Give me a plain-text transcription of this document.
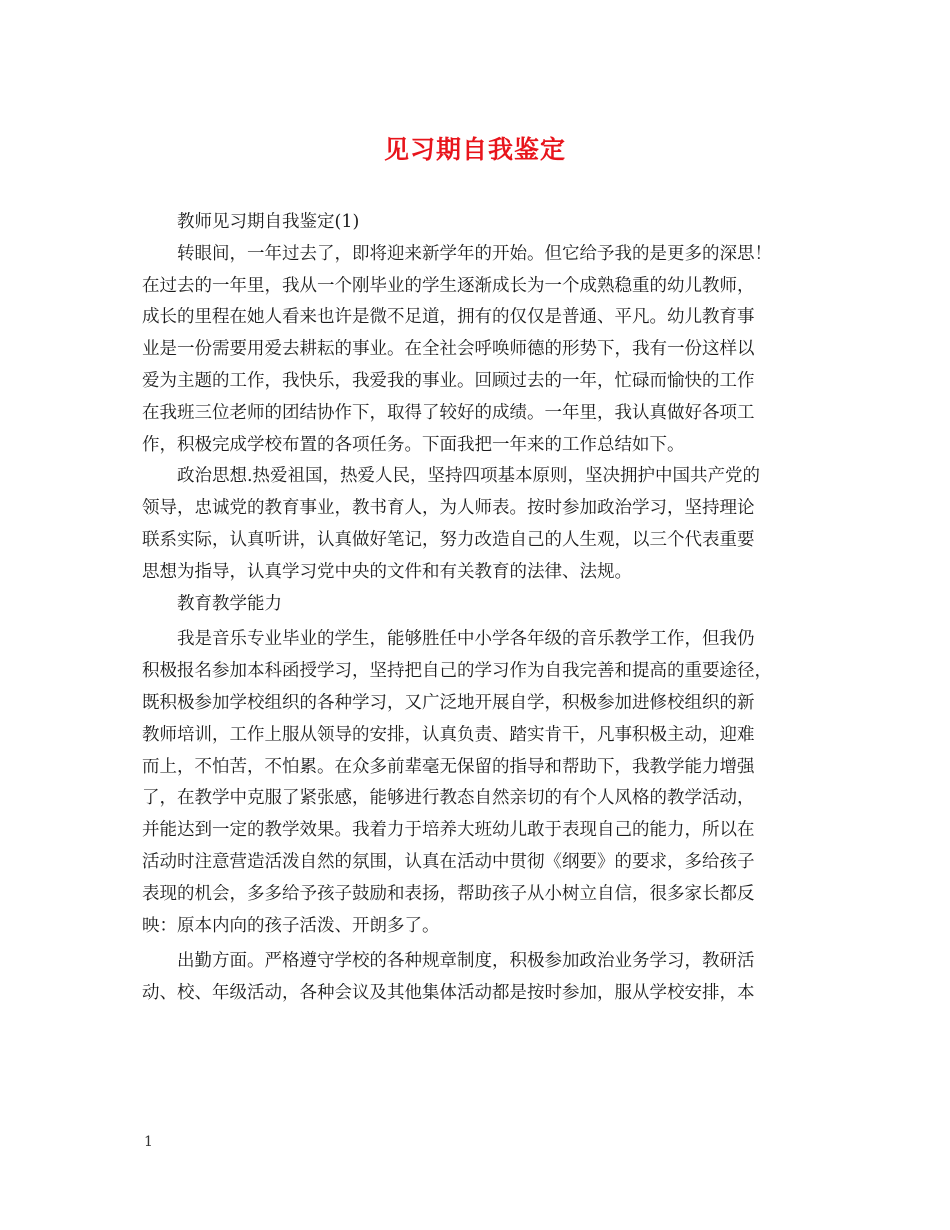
见习期自我鉴定
教师见习期自我鉴定(1)
转眼间，一年过去了，即将迎来新学年的开始。但它给予我的是更多的深思！
在过去的一年里，我从一个刚毕业的学生逐渐成长为一个成熟稳重的幼儿教师，
成长的里程在她人看来也许是微不足道，拥有的仅仅是普通、平凡。幼儿教育事
业是一份需要用爱去耕耘的事业。在全社会呼唤师德的形势下，我有一份这样以
爱为主题的工作，我快乐，我爱我的事业。回顾过去的一年，忙碌而愉快的工作
在我班三位老师的团结协作下，取得了较好的成绩。一年里，我认真做好各项工
作，积极完成学校布置的各项任务。下面我把一年来的工作总结如下。
政治思想.热爱祖国，热爱人民，坚持四项基本原则，坚决拥护中国共产党的
领导，忠诚党的教育事业，教书育人，为人师表。按时参加政治学习，坚持理论
联系实际，认真听讲，认真做好笔记，努力改造自己的人生观，以三个代表重要
思想为指导，认真学习党中央的文件和有关教育的法律、法规。
教育教学能力
我是音乐专业毕业的学生，能够胜任中小学各年级的音乐教学工作，但我仍
积极报名参加本科函授学习，坚持把自己的学习作为自我完善和提高的重要途径，
既积极参加学校组织的各种学习，又广泛地开展自学，积极参加进修校组织的新
教师培训，工作上服从领导的安排，认真负责、踏实肯干，凡事积极主动，迎难
而上，不怕苦，不怕累。在众多前辈毫无保留的指导和帮助下，我教学能力增强
了，在教学中克服了紧张感，能够进行教态自然亲切的有个人风格的教学活动，
并能达到一定的教学效果。我着力于培养大班幼儿敢于表现自己的能力，所以在
活动时注意营造活泼自然的氛围，认真在活动中贯彻《纲要》的要求，多给孩子
表现的机会，多多给予孩子鼓励和表扬，帮助孩子从小树立自信，很多家长都反
映：原本内向的孩子活泼、开朗多了。
出勤方面。严格遵守学校的各种规章制度，积极参加政治业务学习，教研活
动、校、年级活动，各种会议及其他集体活动都是按时参加，服从学校安排，本
1
